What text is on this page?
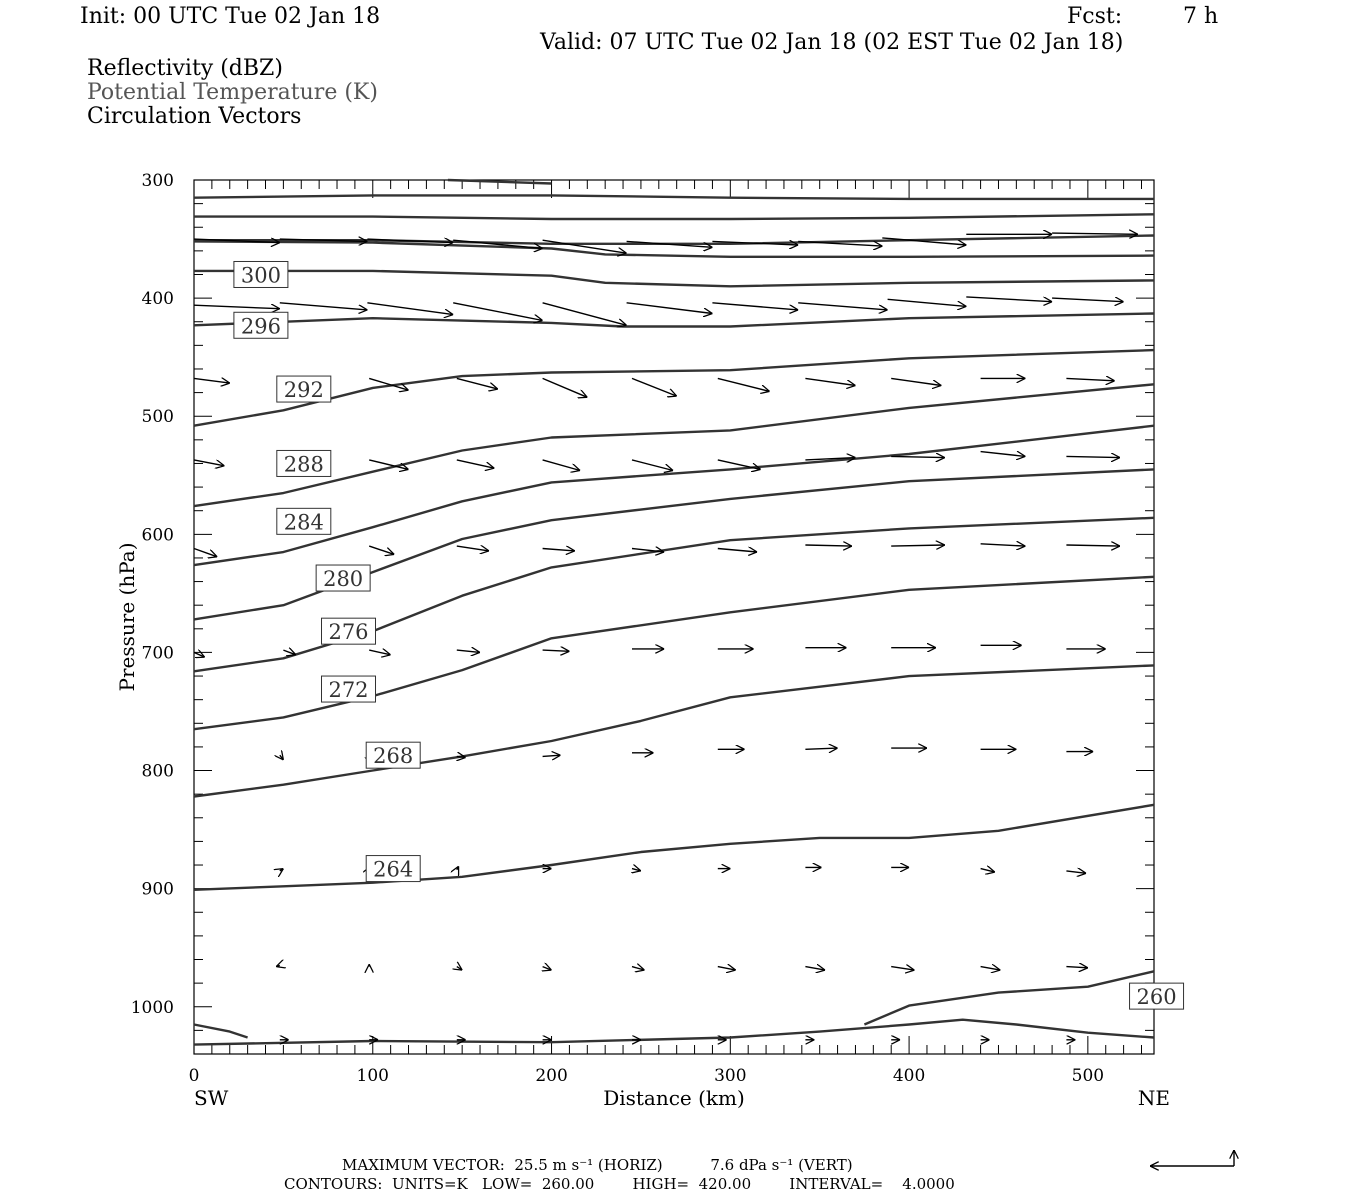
Init: 00 UTC Tue 02 Jan 18	Fcst:	7 h
Valid: 07 UTC Tue 02 Jan 18 (02 EST Tue 02 Jan 18)
Reflectivity (dBZ)
Potential Temperature (K)
Circulation Vectors
300
400
500
600
700
800
900
1000
0	100	200	300	400	500
300
296
292
288
284
280
276
272
268
264
260
Distance (km)
SW	NE
Pressure (hPa)
MAXIMUM VECTOR:  25.5 m s⁻¹ (HORIZ)          7.6 dPa s⁻¹ (VERT)
CONTOURS:  UNITS=K   LOW=  260.00        HIGH=  420.00        INTERVAL=    4.0000
